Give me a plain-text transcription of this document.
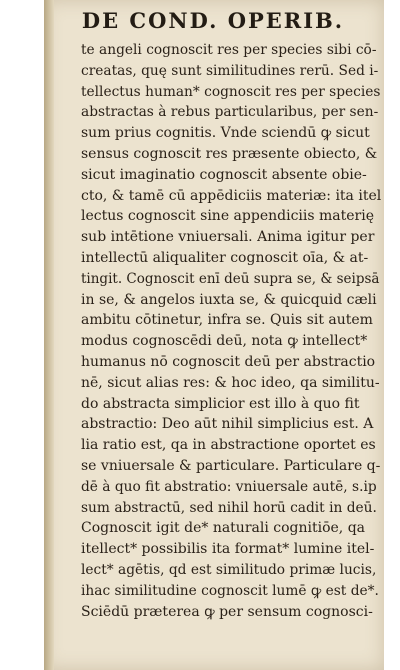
DE COND. OPERIB.
te angeli cognoscit res per species sibi cō-
creatas, quę sunt similitudines rerū. Sed i-
tellectus human* cognoscit res per species
abstractas à rebus particularibus, per sen-
sum prius cognitis. Vnde sciendū ꝙ sicut
sensus cognoscit res præsente obiecto, &
sicut imaginatio cognoscit absente obie-
cto, & tamē cū appēdiciis materiæ: ita itel
lectus cognoscit sine appendiciis materię
sub intētione vniuersali. Anima igitur per
intellectū aliqualiter cognoscit oīa, & at-
tingit. Cognoscit enī deū supra se, & seipsā
in se, & angelos iuxta se, & quicquid cæli
ambitu cōtinetur, infra se. Quis sit autem
modus cognoscēdi deū, nota ꝙ intellect*
humanus nō cognoscit deū per abstractio
nē, sicut alias res: & hoc ideo, qa similitu-
do abstracta simplicior est illo à quo fit
abstractio: Deo aūt nihil simplicius est. A
lia ratio est, qa in abstractione oportet es
se vniuersale & particulare. Particulare q-
dē à quo fit abstratio: vniuersale autē, s.ip
sum abstractū, sed nihil horū cadit in deū.
Cognoscit igit de* naturali cognitiōe, qa
itellect* possibilis ita format* lumine itel-
lect* agētis, qd est similitudo primæ lucis,
ihac similitudine cognoscit lumē ꝙ est de*.
Sciēdū præterea ꝙ per sensum cognosci-
